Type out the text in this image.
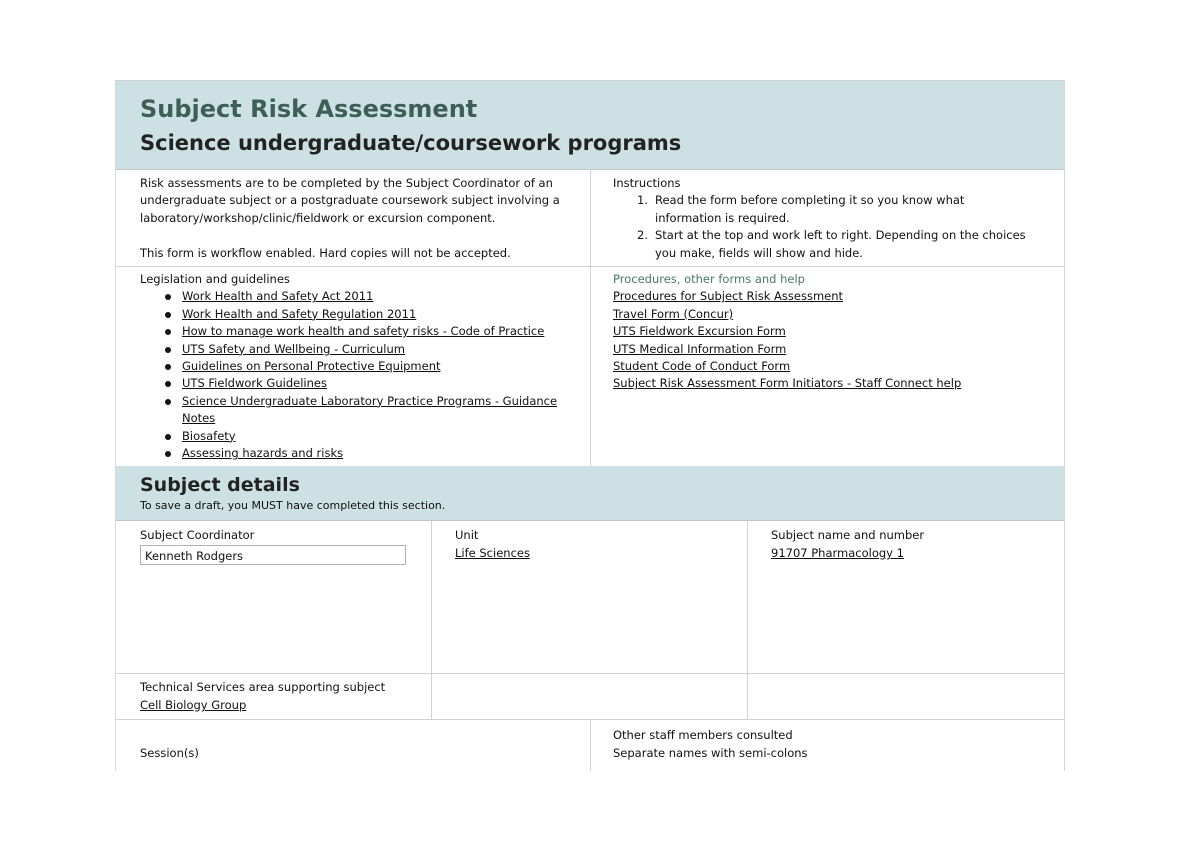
Subject Risk Assessment
Science undergraduate/coursework programs
Risk assessments are to be completed by the Subject Coordinator of an
undergraduate subject or a postgraduate coursework subject involving a
laboratory/workshop/clinic/fieldwork or excursion component.
This form is workflow enabled. Hard copies will not be accepted.
Instructions
1. Read the form before completing it so you know what
information is required.
2. Start at the top and work left to right. Depending on the choices
you make, fields will show and hide.
Legislation and guidelines
Work Health and Safety Act 2011
Work Health and Safety Regulation 2011
How to manage work health and safety risks - Code of Practice
UTS Safety and Wellbeing - Curriculum
Guidelines on Personal Protective Equipment
UTS Fieldwork Guidelines
Science Undergraduate Laboratory Practice Programs - Guidance
Notes
Biosafety
Assessing hazards and risks
Procedures, other forms and help
Procedures for Subject Risk Assessment
Travel Form (Concur)
UTS Fieldwork Excursion Form
UTS Medical Information Form
Student Code of Conduct Form
Subject Risk Assessment Form Initiators - Staff Connect help
Subject details
To save a draft, you MUST have completed this section.
Subject Coordinator
Kenneth Rodgers
Unit
Life Sciences
Subject name and number
91707 Pharmacology 1
Technical Services area supporting subject
Cell Biology Group
Session(s)
Other staff members consulted
Separate names with semi-colons
